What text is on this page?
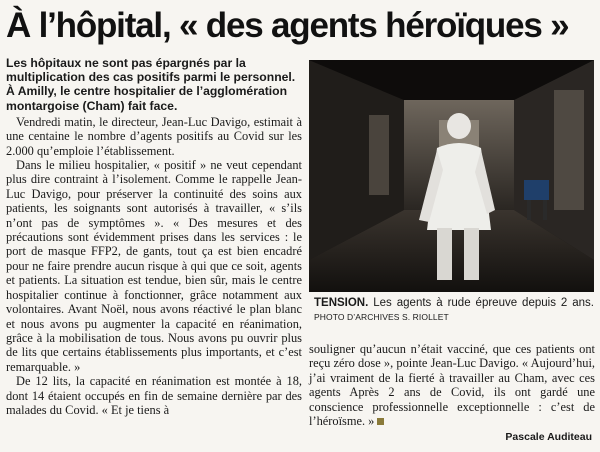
À l’hôpital, « des agents héroïques »

Les hôpitaux ne sont pas épargnés par la multiplication des cas positifs parmi le personnel. À Amilly, le centre hospitalier de l’agglomération montargoise (Cham) fait face.

Vendredi matin, le directeur, Jean-Luc Davigo, estimait à une centaine le nombre d’agents positifs au Covid sur les 2.000 qu’emploie l’établissement.

Dans le milieu hospitalier, « positif » ne veut cependant plus dire contraint à l’isolement. Comme le rappelle Jean-Luc Davigo, pour préserver la continuité des soins aux patients, les soignants sont autorisés à travailler, « s’ils n’ont pas de symptômes ». « Des mesures et des précautions sont évidemment prises dans les services : le port de masque FFP2, de gants, tout ça est bien encadré pour ne faire prendre aucun risque à qui que ce soit, agents et patients. La situation est tendue, bien sûr, mais le centre hospitalier continue à fonctionner, grâce notamment aux volontaires. Avant Noël, nous avons réactivé le plan blanc et nous avons pu augmenter la capacité en réanimation, grâce à la mobilisation de tous. Nous avons pu ouvrir plus de lits que certains établissements plus importants, et c’est remarquable. »

De 12 lits, la capacité en réanimation est montée à 18, dont 14 étaient occupés en fin de semaine dernière par des malades du Covid. « Et je tiens à

TENSION. Les agents à rude épreuve depuis 2 ans. PHOTO D’ARCHIVES S. RIOLLET

souligner qu’aucun n’était vacciné, que ces patients ont reçu zéro dose », pointe Jean-Luc Davigo. « Aujourd’hui, j’ai vraiment de la fierté à travailler au Cham, avec ces agents Après 2 ans de Covid, ils ont gardé une conscience professionnelle exceptionnelle : c’est de l’héroïsme. »

Pascale Auditeau
